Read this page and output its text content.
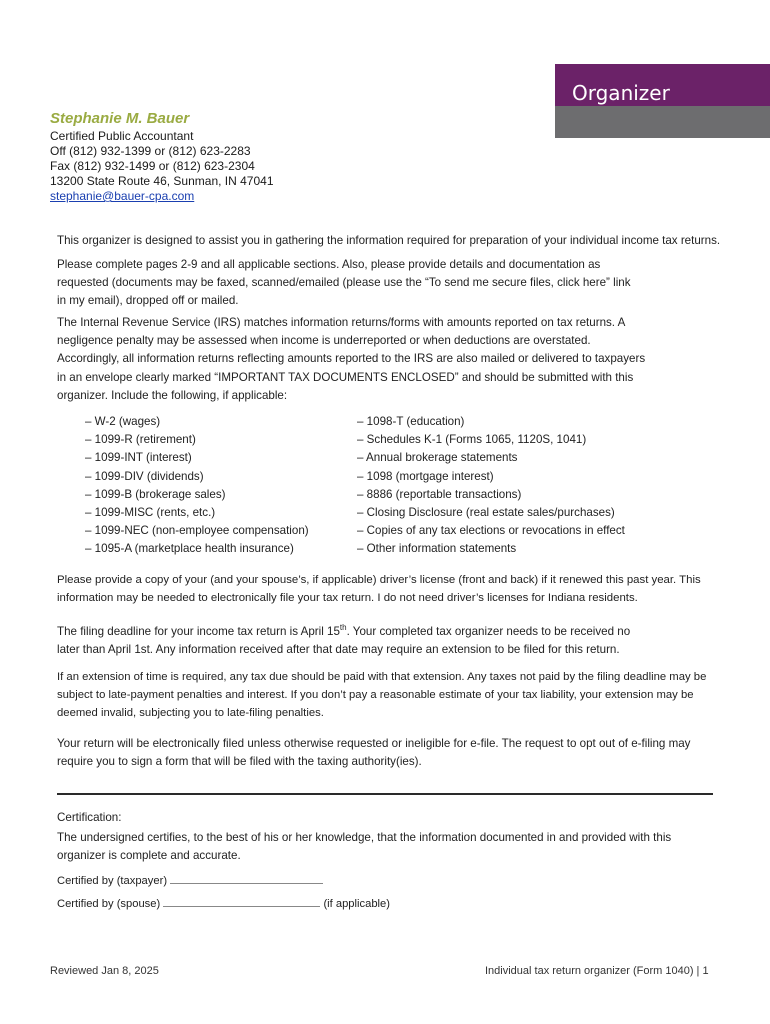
Organizer
Stephanie M. Bauer
Certified Public Accountant
Off (812) 932-1399 or (812) 623-2283
Fax (812) 932-1499 or (812) 623-2304
13200 State Route 46, Sunman, IN 47041
stephanie@bauer-cpa.com
This organizer is designed to assist you in gathering the information required for preparation of your individual income tax returns.
Please complete pages 2-9 and all applicable sections. Also, please provide details and documentation as
requested (documents may be faxed, scanned/emailed (please use the “To send me secure files, click here” link
in my email), dropped off or mailed.
The Internal Revenue Service (IRS) matches information returns/forms with amounts reported on tax returns. A
negligence penalty may be assessed when income is underreported or when deductions are overstated.
Accordingly, all information returns reflecting amounts reported to the IRS are also mailed or delivered to taxpayers
in an envelope clearly marked “IMPORTANT TAX DOCUMENTS ENCLOSED” and should be submitted with this
organizer. Include the following, if applicable:
– W-2 (wages)
– 1099-R (retirement)
– 1099-INT (interest)
– 1099-DIV (dividends)
– 1099-B (brokerage sales)
– 1099-MISC (rents, etc.)
– 1099-NEC (non-employee compensation)
– 1095-A (marketplace health insurance)
– 1098-T (education)
– Schedules K-1 (Forms 1065, 1120S, 1041)
– Annual brokerage statements
– 1098 (mortgage interest)
– 8886 (reportable transactions)
– Closing Disclosure (real estate sales/purchases)
– Copies of any tax elections or revocations in effect
– Other information statements
Please provide a copy of your (and your spouse’s, if applicable) driver’s license (front and back) if it renewed this past year. This
information may be needed to electronically file your tax return. I do not need driver’s licenses for Indiana residents.
The filing deadline for your income tax return is April 15th. Your completed tax organizer needs to be received no
later than April 1st. Any information received after that date may require an extension to be filed for this return.
If an extension of time is required, any tax due should be paid with that extension. Any taxes not paid by the filing deadline may be
subject to late-payment penalties and interest. If you don’t pay a reasonable estimate of your tax liability, your extension may be
deemed invalid, subjecting you to late-filing penalties.
Your return will be electronically filed unless otherwise requested or ineligible for e-file. The request to opt out of e-filing may
require you to sign a form that will be filed with the taxing authority(ies).
Certification:
The undersigned certifies, to the best of his or her knowledge, that the information documented in and provided with this
organizer is complete and accurate.
Certified by (taxpayer)
Certified by (spouse)	(if applicable)
Reviewed Jan 8, 2025	Individual tax return organizer (Form 1040) | 1
